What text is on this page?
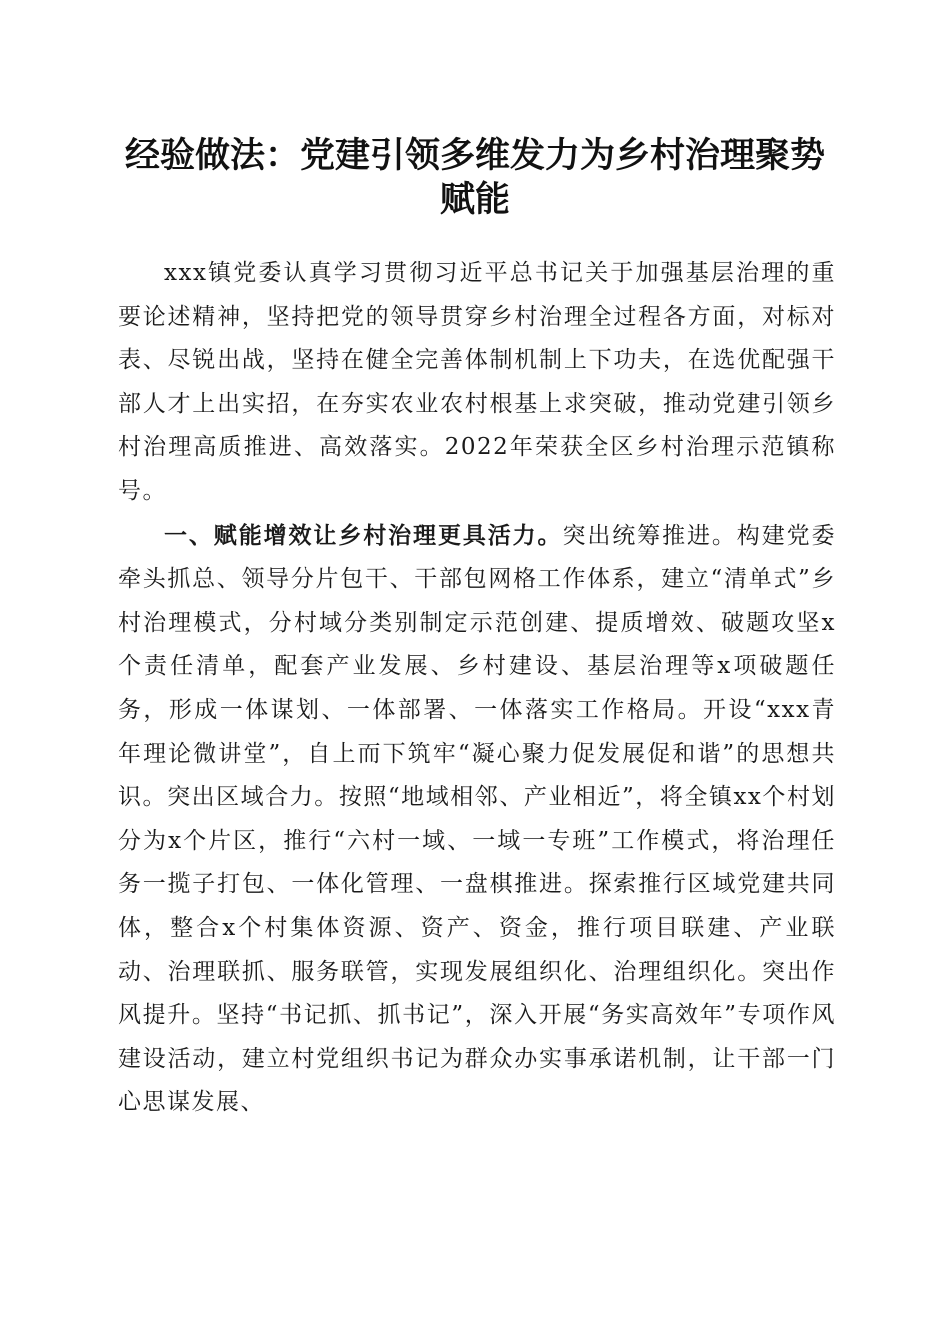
经验做法：党建引领多维发力为乡村治理聚势
赋能

xxx镇党委认真学习贯彻习近平总书记关于加强基层治理的重要论述精神，坚持把党的领导贯穿乡村治理全过程各方面，对标对表、尽锐出战，坚持在健全完善体制机制上下功夫，在选优配强干部人才上出实招，在夯实农业农村根基上求突破，推动党建引领乡村治理高质推进、高效落实。2022年荣获全区乡村治理示范镇称号。

一、赋能增效让乡村治理更具活力。突出统筹推进。构建党委牵头抓总、领导分片包干、干部包网格工作体系，建立“清单式”乡村治理模式，分村域分类别制定示范创建、提质增效、破题攻坚x个责任清单，配套产业发展、乡村建设、基层治理等x项破题任务，形成一体谋划、一体部署、一体落实工作格局。开设“xxx青年理论微讲堂”，自上而下筑牢“凝心聚力促发展促和谐”的思想共识。突出区域合力。按照“地域相邻、产业相近”，将全镇xx个村划分为x个片区，推行“六村一域、一域一专班”工作模式，将治理任务一揽子打包、一体化管理、一盘棋推进。探索推行区域党建共同体，整合x个村集体资源、资产、资金，推行项目联建、产业联动、治理联抓、服务联管，实现发展组织化、治理组织化。突出作风提升。坚持“书记抓、抓书记”，深入开展“务实高效年”专项作风建设活动，建立村党组织书记为群众办实事承诺机制，让干部一门心思谋发展、
